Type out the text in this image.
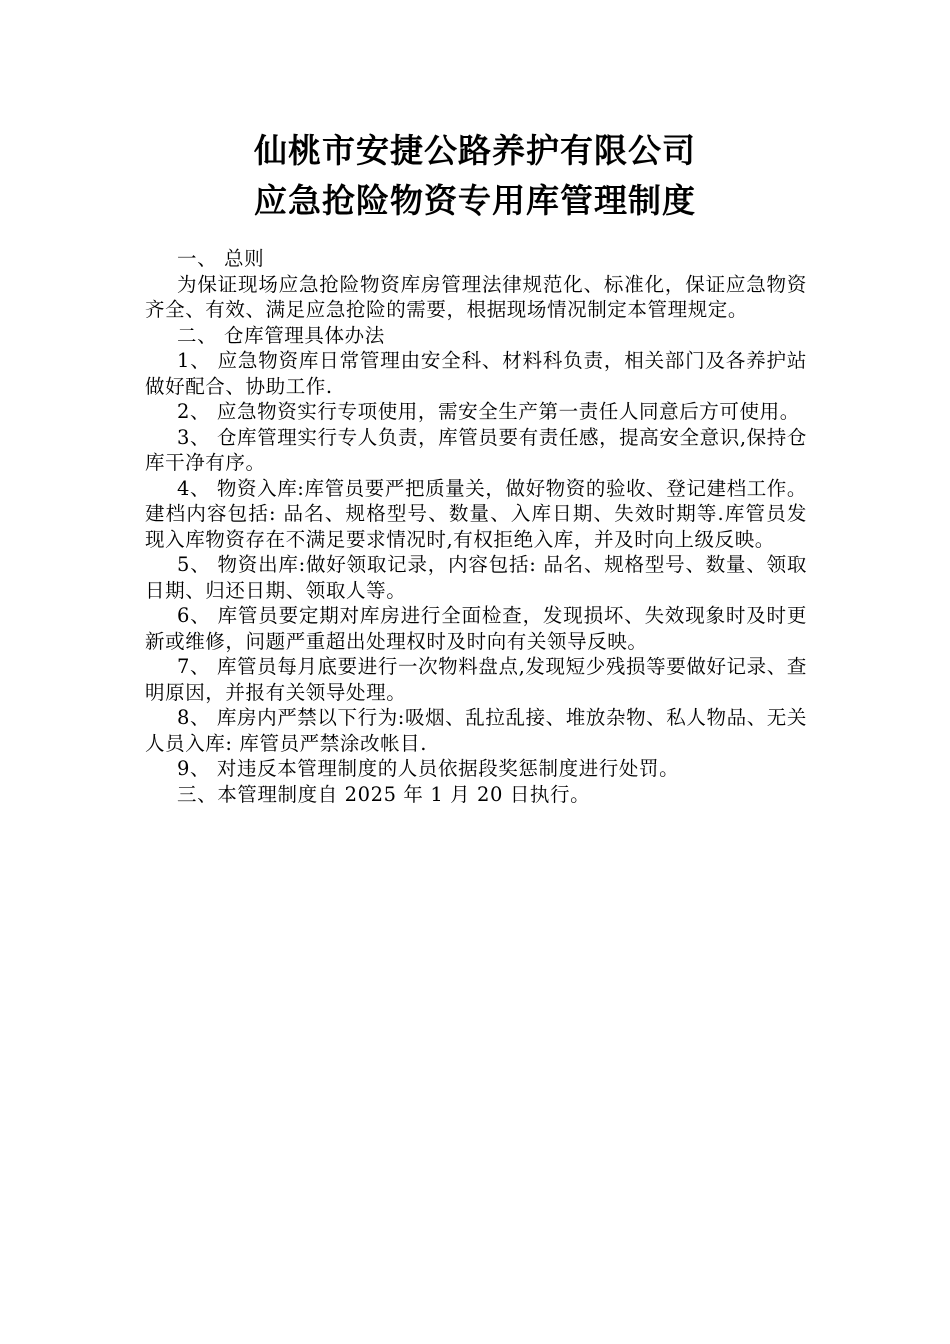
仙桃市安捷公路养护有限公司
应急抢险物资专用库管理制度

一、 总则

为保证现场应急抢险物资库房管理法律规范化、标准化，保证应急物资齐全、有效、满足应急抢险的需要，根据现场情况制定本管理规定。

二、 仓库管理具体办法

1、 应急物资库日常管理由安全科、材料科负责，相关部门及各养护站做好配合、协助工作.

2、 应急物资实行专项使用，需安全生产第一责任人同意后方可使用。

3、 仓库管理实行专人负责，库管员要有责任感，提高安全意识,保持仓库干净有序。

4、 物资入库:库管员要严把质量关，做好物资的验收、登记建档工作。建档内容包括: 品名、规格型号、数量、入库日期、失效时期等.库管员发现入库物资存在不满足要求情况时,有权拒绝入库，并及时向上级反映。

5、 物资出库:做好领取记录，内容包括: 品名、规格型号、数量、领取日期、归还日期、领取人等。

6、 库管员要定期对库房进行全面检查，发现损坏、失效现象时及时更新或维修，问题严重超出处理权时及时向有关领导反映。

7、 库管员每月底要进行一次物料盘点,发现短少残损等要做好记录、查明原因，并报有关领导处理。

8、 库房内严禁以下行为:吸烟、乱拉乱接、堆放杂物、私人物品、无关人员入库: 库管员严禁涂改帐目.

9、 对违反本管理制度的人员依据段奖惩制度进行处罚。

三、本管理制度自 2025 年 1 月 20 日执行。
